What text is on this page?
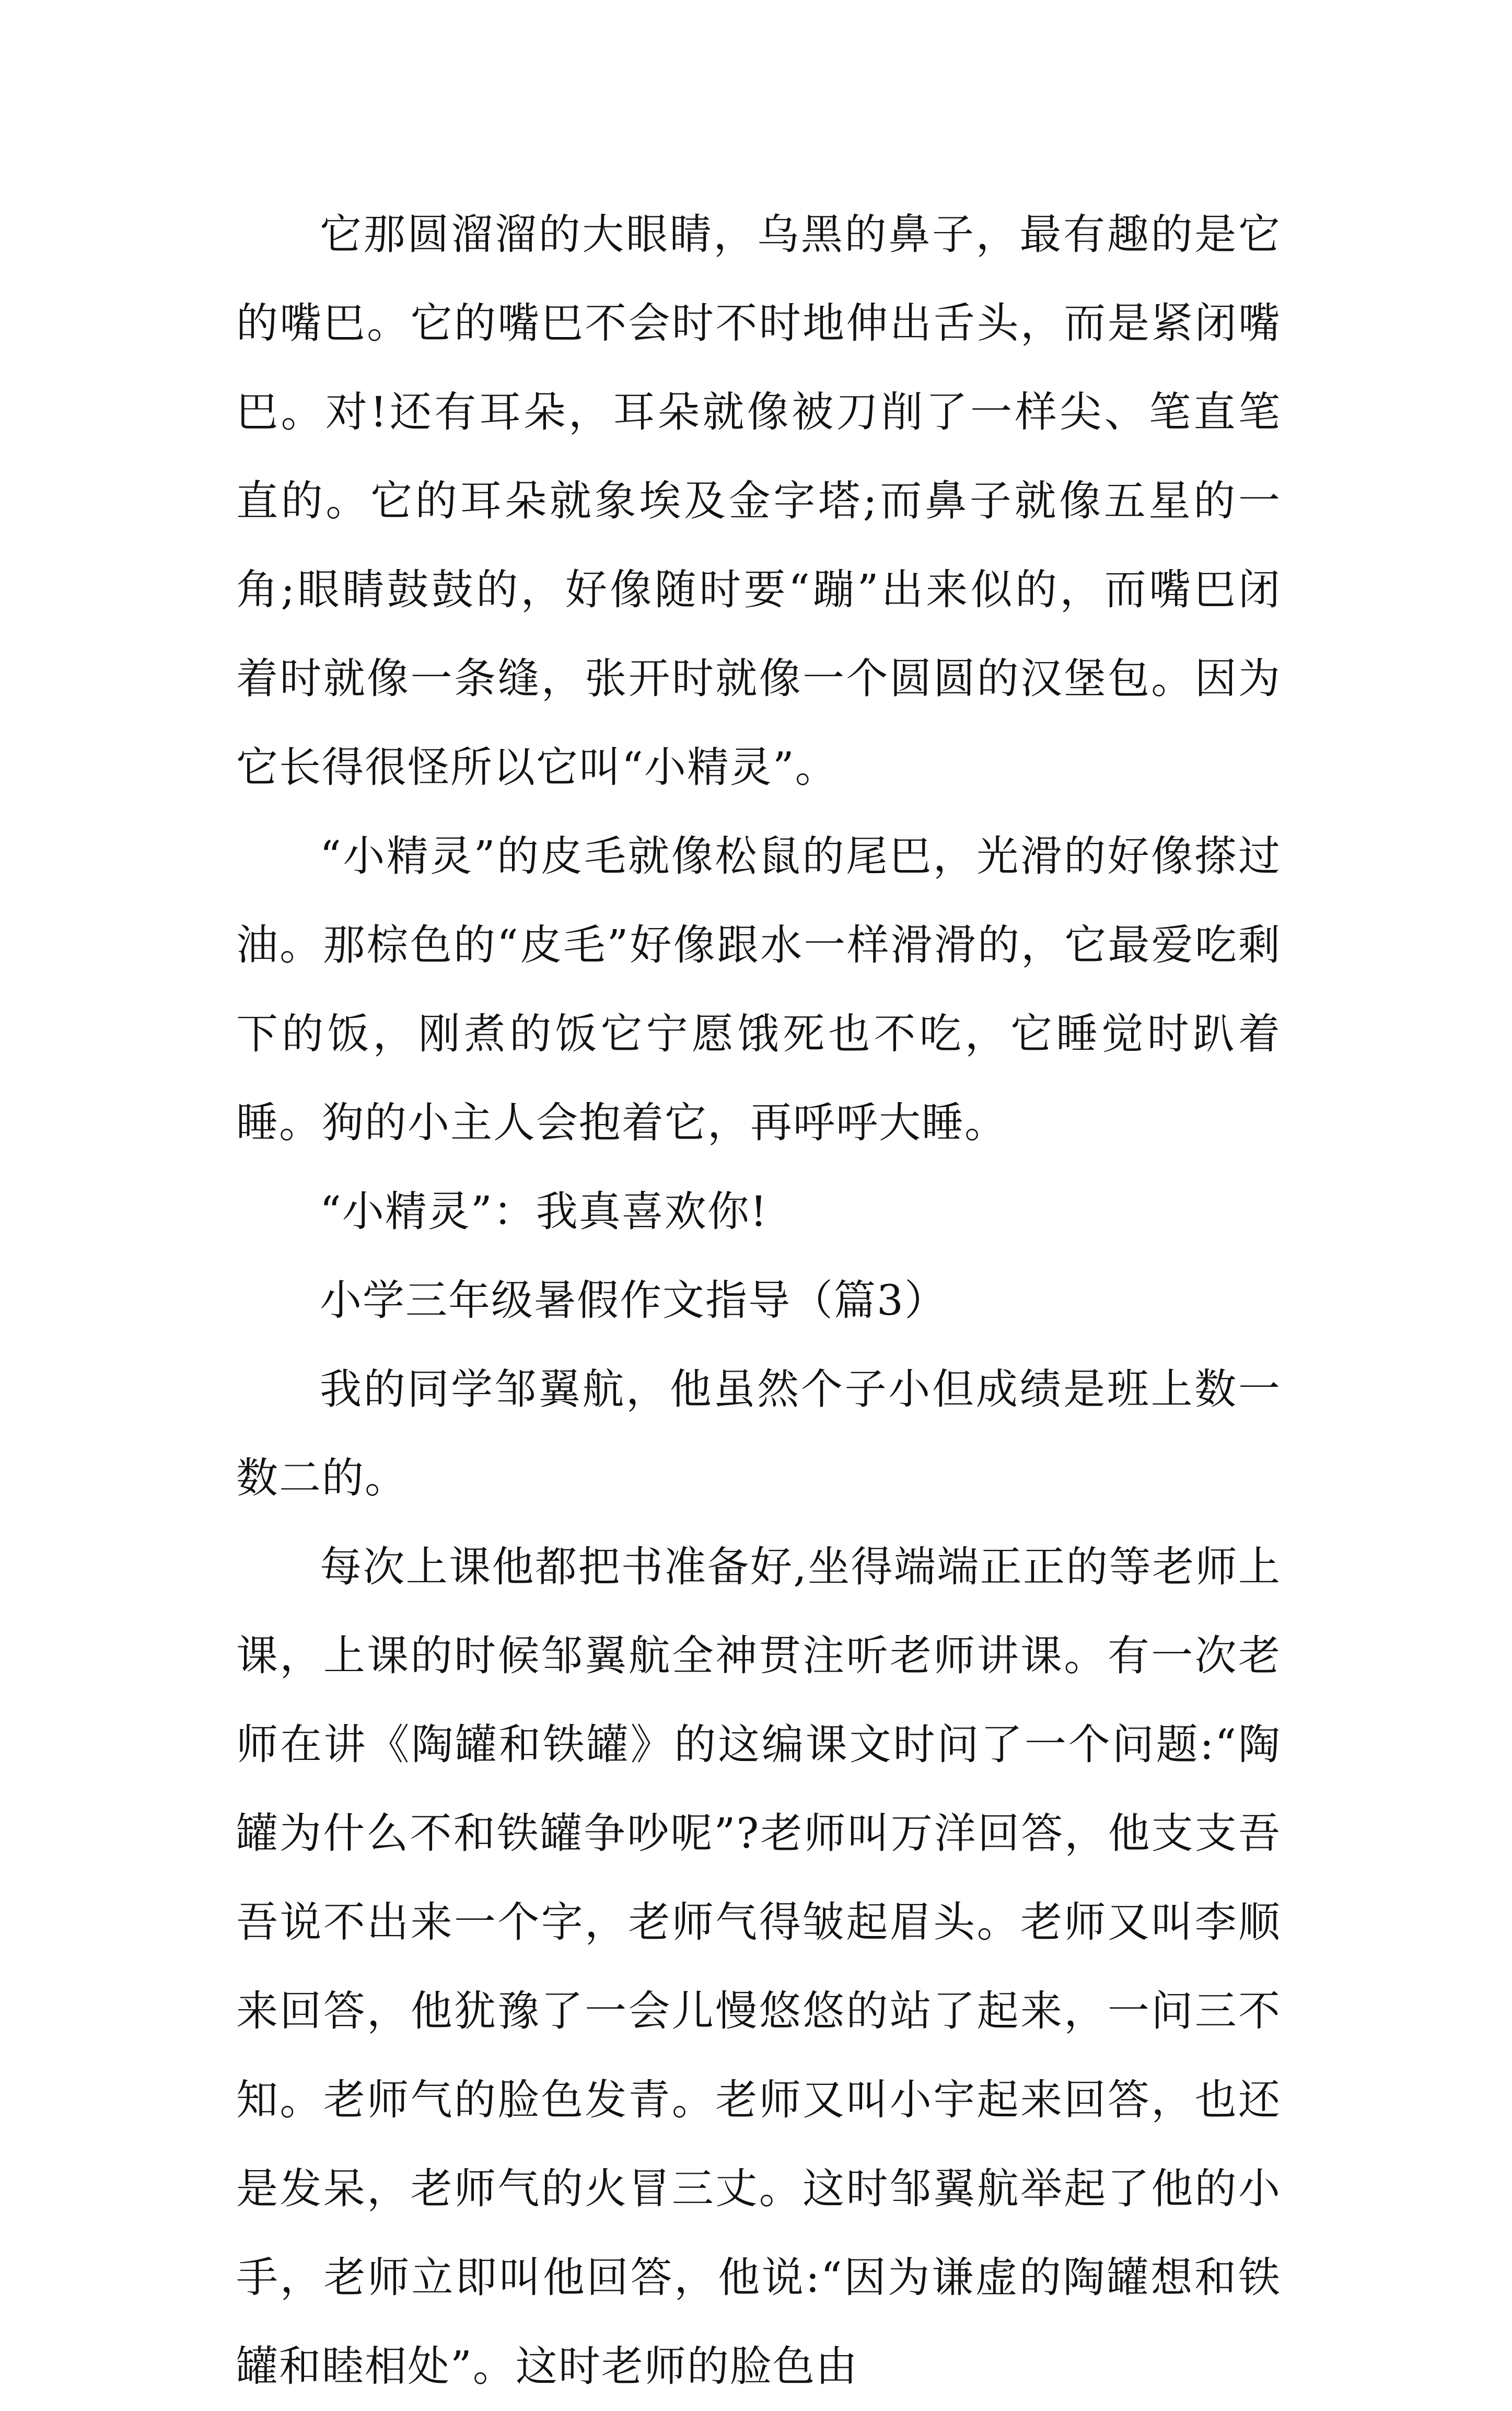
它那圆溜溜的大眼睛，乌黑的鼻子，最有趣的是它的嘴巴。它的嘴巴不会时不时地伸出舌头，而是紧闭嘴巴。对!还有耳朵，耳朵就像被刀削了一样尖、笔直笔直的。它的耳朵就象埃及金字塔;而鼻子就像五星的一角;眼睛鼓鼓的，好像随时要“蹦”出来似的，而嘴巴闭着时就像一条缝，张开时就像一个圆圆的汉堡包。因为它长得很怪所以它叫“小精灵”。

“小精灵”的皮毛就像松鼠的尾巴，光滑的好像搽过油。那棕色的“皮毛”好像跟水一样滑滑的，它最爱吃剩下的饭，刚煮的饭它宁愿饿死也不吃，它睡觉时趴着睡。狗的小主人会抱着它，再呼呼大睡。

“小精灵”：我真喜欢你!

小学三年级暑假作文指导（篇3）

我的同学邹翼航，他虽然个子小但成绩是班上数一数二的。

每次上课他都把书准备好,坐得端端正正的等老师上课，上课的时候邹翼航全神贯注听老师讲课。有一次老师在讲《陶罐和铁罐》的这编课文时问了一个问题:“陶罐为什么不和铁罐争吵呢”?老师叫万洋回答，他支支吾吾说不出来一个字，老师气得皱起眉头。老师又叫李顺来回答，他犹豫了一会儿慢悠悠的站了起来，一问三不知。老师气的脸色发青。老师又叫小宇起来回答，也还是发呆，老师气的火冒三丈。这时邹翼航举起了他的小手，老师立即叫他回答，他说:“因为谦虚的陶罐想和铁罐和睦相处”。这时老师的脸色由
